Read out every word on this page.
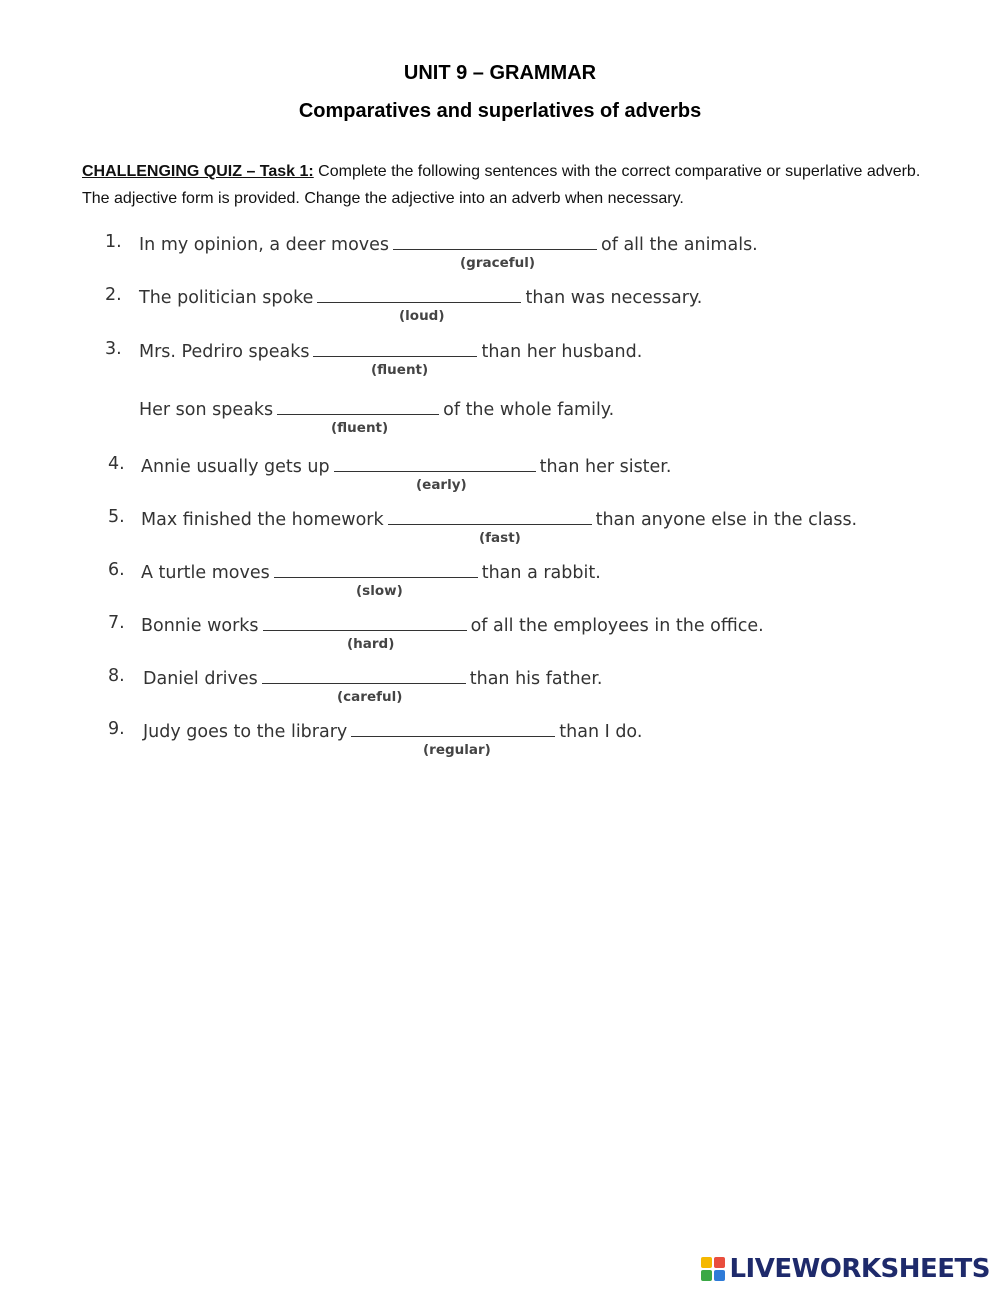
UNIT 9 – GRAMMAR
Comparatives and superlatives of adverbs
CHALLENGING QUIZ – Task 1: Complete the following sentences with the correct comparative or superlative adverb. The adjective form is provided. Change the adjective into an adverb when necessary.
1. In my opinion, a deer moves	of all the animals.
(graceful)
2. The politician spoke	than was necessary.
(loud)
3. Mrs. Pedriro speaks	than her husband.
(fluent)
Her son speaks	of the whole family.
(fluent)
4. Annie usually gets up	than her sister.
(early)
5. Max finished the homework	than anyone else in the class.
(fast)
6. A turtle moves	than a rabbit.
(slow)
7. Bonnie works	of all the employees in the office.
(hard)
8. Daniel drives	than his father.
(careful)
9. Judy goes to the library	than I do.
(regular)
LIVEWORKSHEETS
